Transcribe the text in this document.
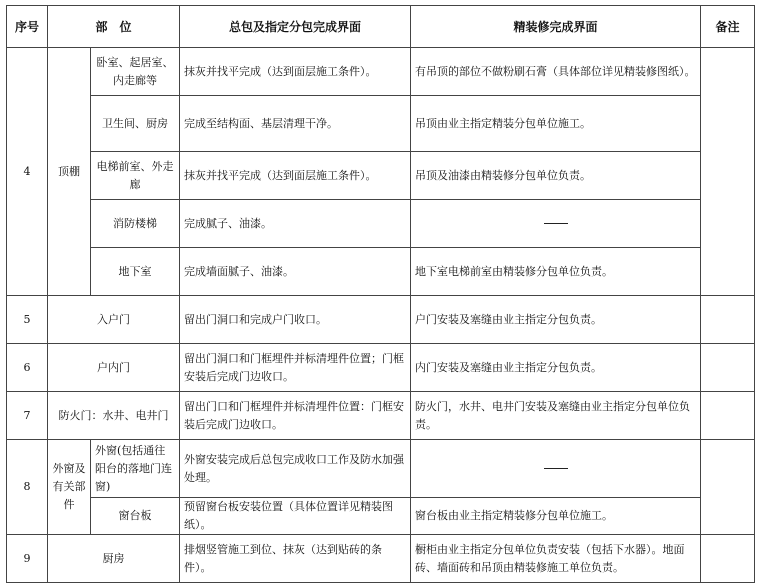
序号	部　位		总包及指定分包完成界面	精装修完成界面	备注
4	顶棚	卧室、起居室、内走廊等	抹灰并找平完成（达到面层施工条件）。	有吊顶的部位不做粉刷石膏（具体部位详见精装修图纸）。	
		卫生间、厨房	完成至结构面、基层清理干净。	吊顶由业主指定精装分包单位施工。	
		电梯前室、外走廊	抹灰并找平完成（达到面层施工条件）。	吊顶及油漆由精装修分包单位负责。	
		消防楼梯	完成腻子、油漆。		
		地下室	完成墙面腻子、油漆。	地下室电梯前室由精装修分包单位负责。	
5	入户门		留出门洞口和完成户门收口。	户门安装及塞缝由业主指定分包负责。	
6	户内门		留出门洞口和门框埋件并标清埋件位置；门框安装后完成门边收口。	内门安装及塞缝由业主指定分包负责。	
7	防火门：水井、电井门		留出门口和门框埋件并标清埋件位置：门框安装后完成门边收口。	防火门，水井、电井门安装及塞缝由业主指定分包单位负责。	
8	外窗及有关部件	外窗(包括通往阳台的落地门连窗)	外窗安装完成后总包完成收口工作及防水加强处理。		
		窗台板	预留窗台板安装位置（具体位置详见精装图纸）。	窗台板由业主指定精装修分包单位施工。	
9	厨房		排烟竖管施工到位、抹灰（达到贴砖的条件）。	橱柜由业主指定分包单位负责安装（包括下水器）。地面砖、墙面砖和吊顶由精装修施工单位负责。	
